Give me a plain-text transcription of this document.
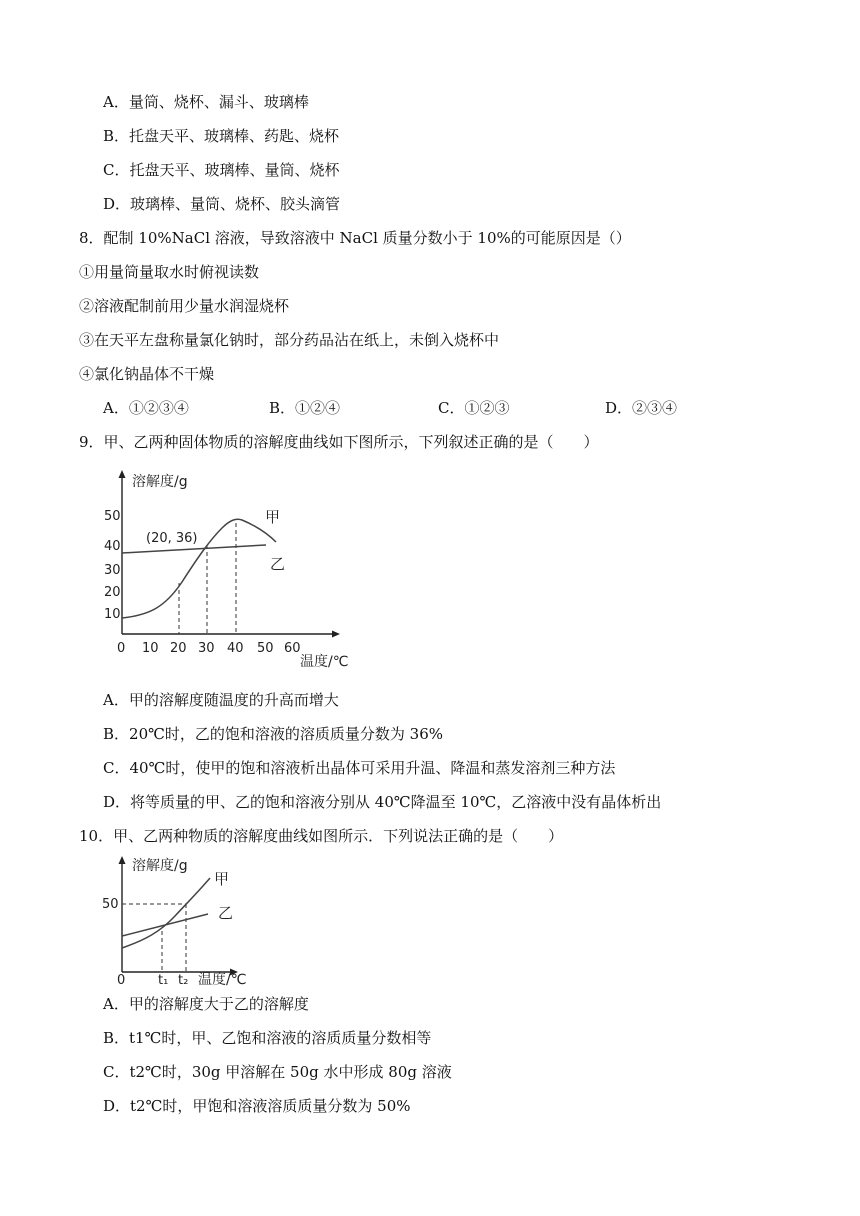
A．量筒、烧杯、漏斗、玻璃棒
B．托盘天平、玻璃棒、药匙、烧杯
C．托盘天平、玻璃棒、量筒、烧杯
D．玻璃棒、量筒、烧杯、胶头滴管
8．配制 10%NaCl 溶液，导致溶液中 NaCl 质量分数小于 10%的可能原因是（）
①用量筒量取水时俯视读数
②溶液配制前用少量水润湿烧杯
③在天平左盘称量氯化钠时，部分药品沾在纸上，未倒入烧杯中
④氯化钠晶体不干燥
A．①②③④	B．①②④	C．①②③	D．②③④
9．甲、乙两种固体物质的溶解度曲线如下图所示，下列叙述正确的是（　　）
溶解度/g
温度/℃
50
40
30
20
10
0 10 20 30 40 50 60
(20, 36)
甲
乙
A．甲的溶解度随温度的升高而增大
B．20℃时，乙的饱和溶液的溶质质量分数为 36%
C．40℃时，使甲的饱和溶液析出晶体可采用升温、降温和蒸发溶剂三种方法
D．将等质量的甲、乙的饱和溶液分别从 40℃降温至 10℃，乙溶液中没有晶体析出
10．甲、乙两种物质的溶解度曲线如图所示．下列说法正确的是（　　）
溶解度/g
温度/℃
50
0	t₁ t₂
甲
乙
A．甲的溶解度大于乙的溶解度
B．t1℃时，甲、乙饱和溶液的溶质质量分数相等
C．t2℃时，30g 甲溶解在 50g 水中形成 80g 溶液
D．t2℃时，甲饱和溶液溶质质量分数为 50%
